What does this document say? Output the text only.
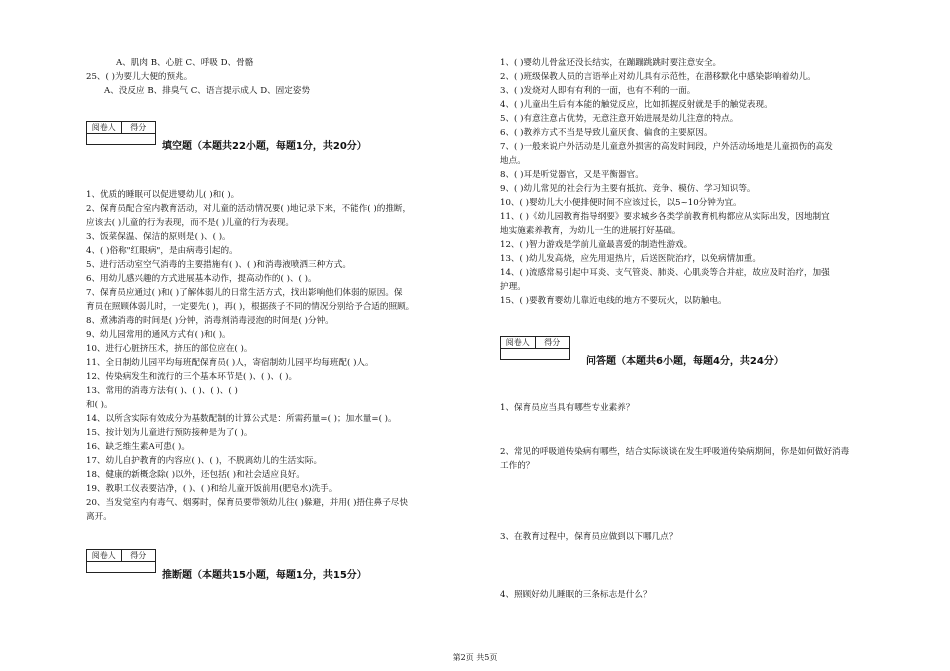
A、肌肉 B、心脏 C、呼吸 D、骨骼
25、( )为要儿大便的预兆。
A、没反应 B、排臭气 C、语言提示成人 D、固定姿势
阅卷人	得分
填空题（本题共22小题，每题1分，共20分）
1、优质的睡眠可以促进婴幼儿( )和( )。
2、保育员配合室内教育活动，对儿童的活动情况要( )地记录下来，不能作( )的推断，
应该去( )儿童的行为表现，而不是( )儿童的行为表现。
3、饭菜保温、保洁的原则是( )、( )。
4、( )俗称"红眼病"，是由病毒引起的。
5、进行活动室空气消毒的主要措施有( )、( )和消毒液喷洒三种方式。
6、用幼儿感兴趣的方式进展基本动作，提高动作的( )、( )。
7、保育员应通过( )和( )了解体弱儿的日常生活方式，找出影响他们体弱的原因。保
育员在照顾体弱儿时，一定要先( )，再( )，根据孩子不同的情况分别给予合适的照顾。
8、煮沸消毒的时间是( )分钟，消毒剂消毒浸泡的时间是( )分钟。
9、幼儿园常用的通风方式有( )和( )。
10、进行心脏挤压术，挤压的部位应在( )。
11、全日制幼儿园平均每班配保育员( )人，寄宿制幼儿园平均每班配( )人。
12、传染病发生和流行的三个基本环节是( )、( )、( )。
13、常用的消毒方法有( )、( )、( )、( )
和( )。
14、以所含实际有效成分为基数配制的计算公式是：所需药量=( )；加水量=( )。
15、按计划为儿童进行预防接种是为了( )。
16、缺乏维生素A可患( )。
17、幼儿自护教育的内容应( )、( )，不脱离幼儿的生活实际。
18、健康的新概念除( )以外，还包括( )和社会适应良好。
19、教职工仪表要洁净，( )、( )和给儿童开饭前用(肥皂水)洗手。
20、当发觉室内有毒气、烟雾时，保育员要带领幼儿往( )躲避，并用( )捂住鼻子尽快
离开。
阅卷人	得分
推断题（本题共15小题，每题1分，共15分）
1、( )婴幼儿骨盆还没长结实，在蹦蹦跳跳时要注意安全。
2、( )班级保教人员的言语举止对幼儿具有示范性，在潜移默化中感染影响着幼儿。
3、( )发烧对人即有有利的一面，也有不利的一面。
4、( )儿童出生后有本能的触觉反应，比如抓握反射就是手的触觉表现。
5、( )有意注意占优势，无意注意开始进展是幼儿注意的特点。
6、( )教养方式不当是导致儿童厌食、偏食的主要原因。
7、( )一般来说户外活动是儿童意外损害的高发时间段，户外活动场地是儿童损伤的高发
地点。
8、( )耳是听觉器官，又是平衡器官。
9、( )幼儿常见的社会行为主要有抵抗、竞争、模仿、学习知识等。
10、( )婴幼儿大小便排便时间不应该过长，以5~10分钟为宜。
11、( )《幼儿园教育指导纲要》要求城乡各类学前教育机构都应从实际出发，因地制宜
地实施素养教育，为幼儿一生的进展打好基础。
12、( )智力游戏是学前儿童最喜爱的制造性游戏。
13、( )幼儿发高烧，应先用退热片，后送医院治疗，以免病情加重。
14、( )流感常易引起中耳炎、支气管炎、肺炎、心肌炎等合并症，故应及时治疗，加强
护理。
15、( )要教育婴幼儿靠近电线的地方不要玩火，以防触电。
阅卷人	得分
问答题（本题共6小题，每题4分，共24分）
1、保育员应当具有哪些专业素养？
2、常见的呼吸道传染病有哪些，结合实际谈谈在发生呼吸道传染病期间，你是如何做好消毒
工作的？
3、在教育过程中，保育员应做到以下哪几点？
4、照顾好幼儿睡眠的三条标志是什么？
第2页 共5页
